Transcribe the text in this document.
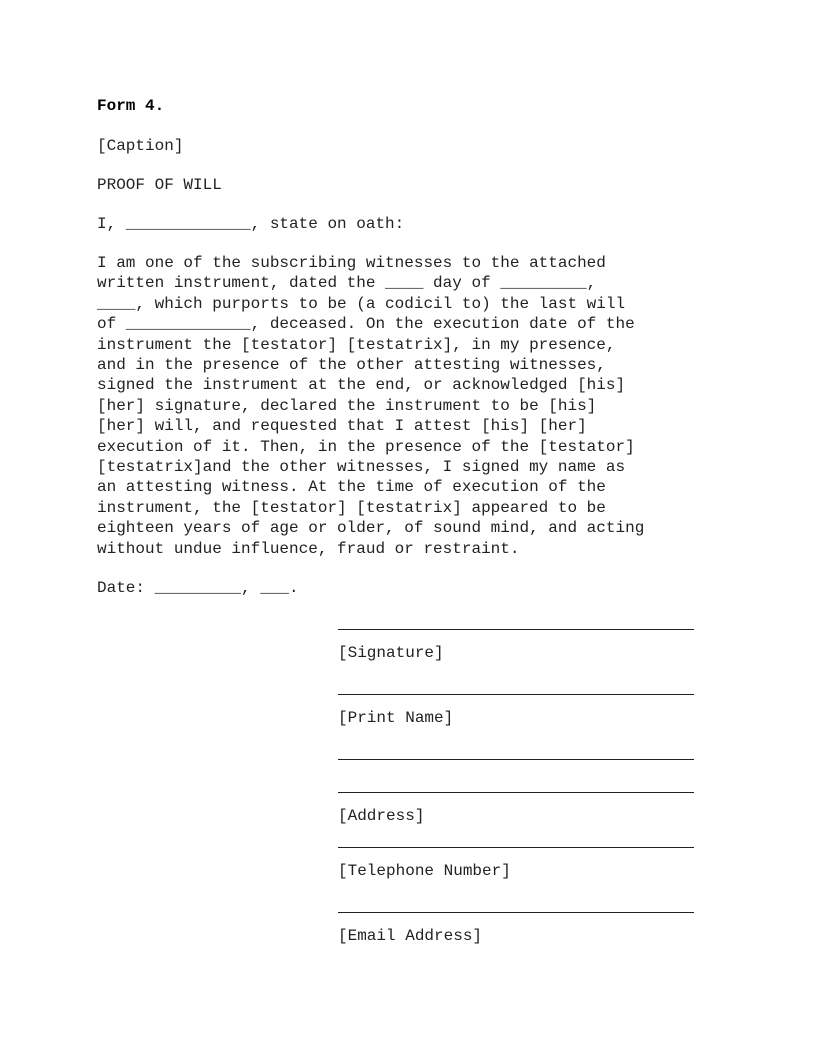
Form 4.
[Caption]
PROOF OF WILL
I, _____________, state on oath:
I am one of the subscribing witnesses to the attached
written instrument, dated the ____ day of _________,
____, which purports to be (a codicil to) the last will
of _____________, deceased. On the execution date of the
instrument the [testator] [testatrix], in my presence,
and in the presence of the other attesting witnesses,
signed the instrument at the end, or acknowledged [his]
[her] signature, declared the instrument to be [his]
[her] will, and requested that I attest [his] [her]
execution of it. Then, in the presence of the [testator]
[testatrix]and the other witnesses, I signed my name as
an attesting witness. At the time of execution of the
instrument, the [testator] [testatrix] appeared to be
eighteen years of age or older, of sound mind, and acting
without undue influence, fraud or restraint.
Date: _________, ___.
[Signature]
[Print Name]
[Address]
[Telephone Number]
[Email Address]
